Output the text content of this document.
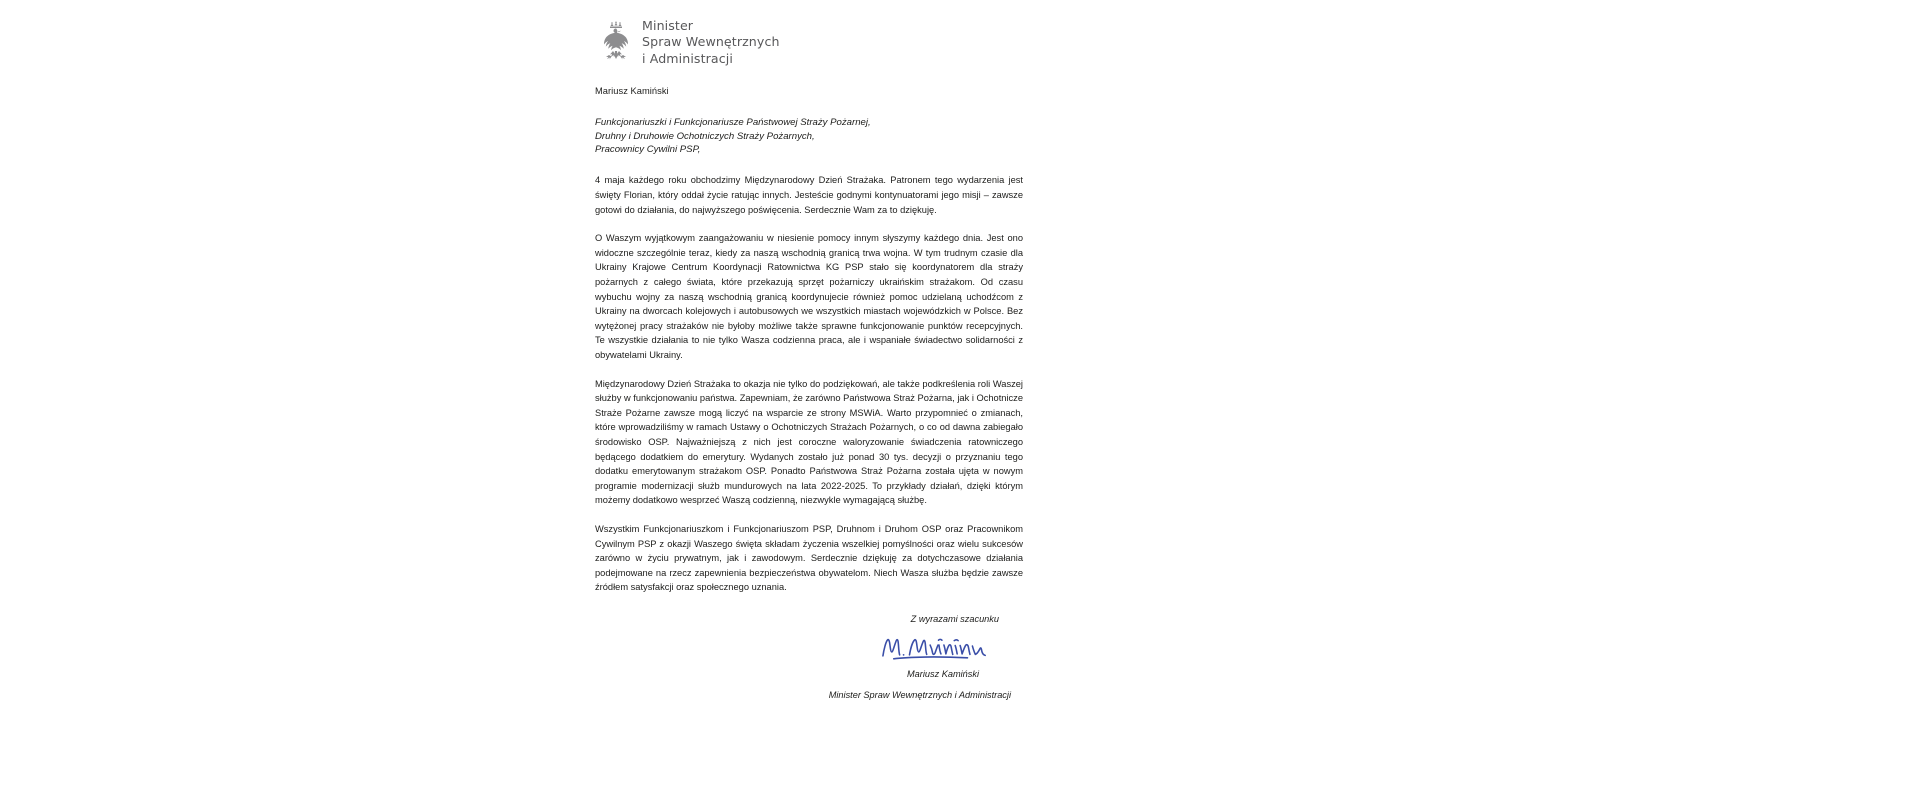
Minister
Spraw Wewnętrznych
i Administracji
Mariusz Kamiński
Funkcjonariuszki i Funkcjonariusze Państwowej Straży Pożarnej,
Druhny i Druhowie Ochotniczych Straży Pożarnych,
Pracownicy Cywilni PSP,

4 maja każdego roku obchodzimy Międzynarodowy Dzień Strażaka. Patronem tego wydarzenia jest święty Florian, który oddał życie ratując innych. Jesteście godnymi kontynuatorami jego misji – zawsze gotowi do działania, do najwyższego poświęcenia. Serdecznie Wam za to dziękuję.

O Waszym wyjątkowym zaangażowaniu w niesienie pomocy innym słyszymy każdego dnia. Jest ono widoczne szczególnie teraz, kiedy za naszą wschodnią granicą trwa wojna. W tym trudnym czasie dla Ukrainy Krajowe Centrum Koordynacji Ratownictwa KG PSP stało się koordynatorem dla straży pożarnych z całego świata, które przekazują sprzęt pożarniczy ukraińskim strażakom. Od czasu wybuchu wojny za naszą wschodnią granicą koordynujecie również pomoc udzielaną uchodźcom z Ukrainy na dworcach kolejowych i autobusowych we wszystkich miastach wojewódzkich w Polsce. Bez wytężonej pracy strażaków nie byłoby możliwe także sprawne funkcjonowanie punktów recepcyjnych. Te wszystkie działania to nie tylko Wasza codzienna praca, ale i wspaniałe świadectwo solidarności z obywatelami Ukrainy.

Międzynarodowy Dzień Strażaka to okazja nie tylko do podziękowań, ale także podkreślenia roli Waszej służby w funkcjonowaniu państwa. Zapewniam, że zarówno Państwowa Straż Pożarna, jak i Ochotnicze Straże Pożarne zawsze mogą liczyć na wsparcie ze strony MSWiA. Warto przypomnieć o zmianach, które wprowadziliśmy w ramach Ustawy o Ochotniczych Strażach Pożarnych, o co od dawna zabiegało środowisko OSP. Najważniejszą z nich jest coroczne waloryzowanie świadczenia ratowniczego będącego dodatkiem do emerytury. Wydanych zostało już ponad 30 tys. decyzji o przyznaniu tego dodatku emerytowanym strażakom OSP. Ponadto Państwowa Straż Pożarna została ujęta w nowym programie modernizacji służb mundurowych na lata 2022-2025. To przykłady działań, dzięki którym możemy dodatkowo wesprzeć Waszą codzienną, niezwykle wymagającą służbę.

Wszystkim Funkcjonariuszkom i Funkcjonariuszom PSP, Druhnom i Druhom OSP oraz Pracownikom Cywilnym PSP z okazji Waszego święta składam życzenia wszelkiej pomyślności oraz wielu sukcesów zarówno w życiu prywatnym, jak i zawodowym. Serdecznie dziękuję za dotychczasowe działania podejmowane na rzecz zapewnienia bezpieczeństwa obywatelom. Niech Wasza służba będzie zawsze źródłem satysfakcji oraz społecznego uznania.

Z wyrazami szacunku
Mariusz Kamiński
Minister Spraw Wewnętrznych i Administracji
